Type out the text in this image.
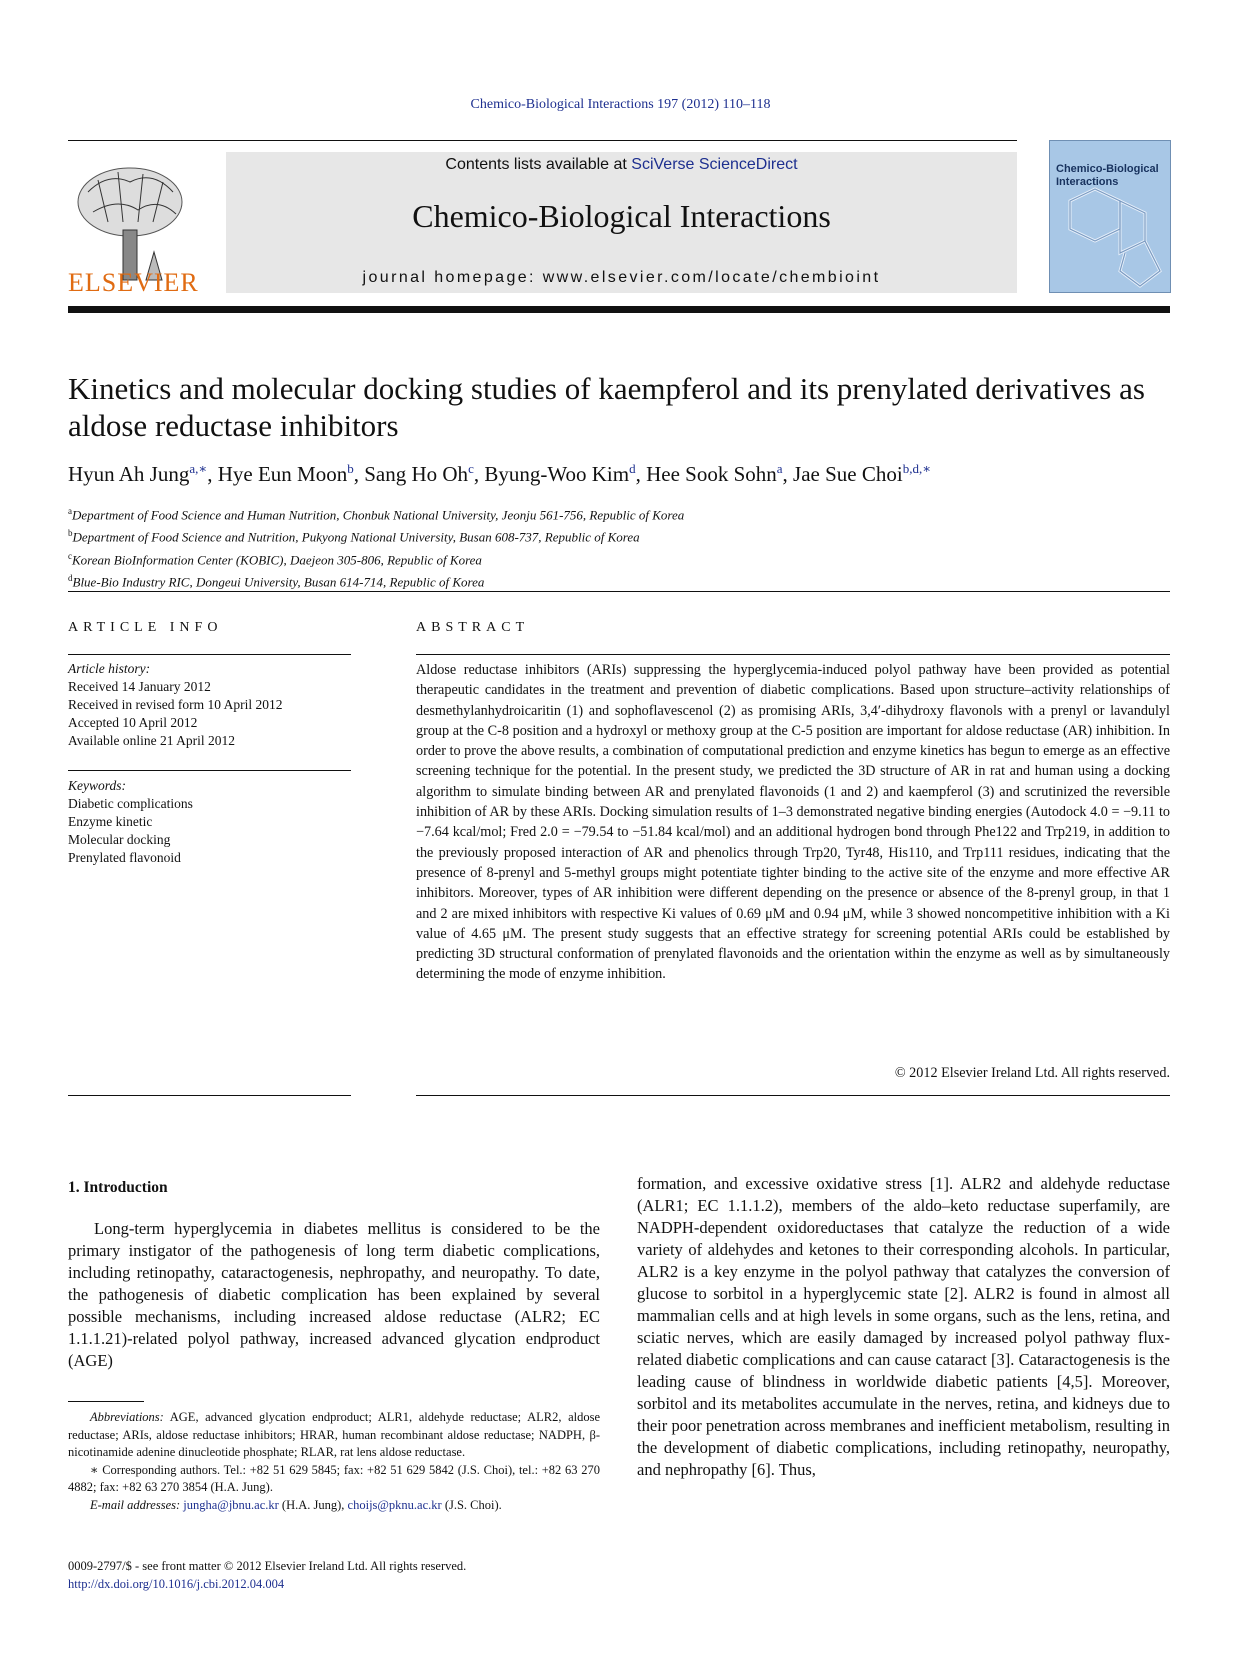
Chemico-Biological Interactions 197 (2012) 110–118
ELSEVIER
Contents lists available at SciVerse ScienceDirect
Chemico-Biological Interactions
journal homepage: www.elsevier.com/locate/chembioint
Chemico-Biological Interactions
Kinetics and molecular docking studies of kaempferol and its prenylated derivatives as aldose reductase inhibitors
Hyun Ah Jung$^{a,∗}$, Hye Eun Moon$^b$, Sang Ho Oh$^c$, Byung-Woo Kim$^d$, Hee Sook Sohn$^a$, Jae Sue Choi$^{b,d,∗}$
$^a$Department of Food Science and Human Nutrition, Chonbuk National University, Jeonju 561-756, Republic of Korea
$^b$Department of Food Science and Nutrition, Pukyong National University, Busan 608-737, Republic of Korea
$^c$Korean BioInformation Center (KOBIC), Daejeon 305-806, Republic of Korea
$^d$Blue-Bio Industry RIC, Dongeui University, Busan 614-714, Republic of Korea
ARTICLE INFO	ABSTRACT
Article history:
Received 14 January 2012
Received in revised form 10 April 2012
Accepted 10 April 2012
Available online 21 April 2012
Keywords:
Diabetic complications
Enzyme kinetic
Molecular docking
Prenylated flavonoid
Aldose reductase inhibitors (ARIs) suppressing the hyperglycemia-induced polyol pathway have been provided as potential therapeutic candidates in the treatment and prevention of diabetic complications. Based upon structure–activity relationships of desmethylanhydroicaritin (1) and sophoflavescenol (2) as promising ARIs, 3,4′-dihydroxy flavonols with a prenyl or lavandulyl group at the C-8 position and a hydroxyl or methoxy group at the C-5 position are important for aldose reductase (AR) inhibition. In order to prove the above results, a combination of computational prediction and enzyme kinetics has begun to emerge as an effective screening technique for the potential. In the present study, we predicted the 3D structure of AR in rat and human using a docking algorithm to simulate binding between AR and prenylated flavonoids (1 and 2) and kaempferol (3) and scrutinized the reversible inhibition of AR by these ARIs. Docking simulation results of 1–3 demonstrated negative binding energies (Autodock 4.0 = −9.11 to −7.64 kcal/mol; Fred 2.0 = −79.54 to −51.84 kcal/mol) and an additional hydrogen bond through Phe122 and Trp219, in addition to the previously proposed interaction of AR and phenolics through Trp20, Tyr48, His110, and Trp111 residues, indicating that the presence of 8-prenyl and 5-methyl groups might potentiate tighter binding to the active site of the enzyme and more effective AR inhibitors. Moreover, types of AR inhibition were different depending on the presence or absence of the 8-prenyl group, in that 1 and 2 are mixed inhibitors with respective Ki values of 0.69 μM and 0.94 μM, while 3 showed noncompetitive inhibition with a Ki value of 4.65 μM. The present study suggests that an effective strategy for screening potential ARIs could be established by predicting 3D structural conformation of prenylated flavonoids and the orientation within the enzyme as well as by simultaneously determining the mode of enzyme inhibition.
© 2012 Elsevier Ireland Ltd. All rights reserved.
1. Introduction
Long-term hyperglycemia in diabetes mellitus is considered to be the primary instigator of the pathogenesis of long term diabetic complications, including retinopathy, cataractogenesis, nephropathy, and neuropathy. To date, the pathogenesis of diabetic complication has been explained by several possible mechanisms, including increased aldose reductase (ALR2; EC 1.1.1.21)-related polyol pathway, increased advanced glycation endproduct (AGE)
formation, and excessive oxidative stress [1]. ALR2 and aldehyde reductase (ALR1; EC 1.1.1.2), members of the aldo–keto reductase superfamily, are NADPH-dependent oxidoreductases that catalyze the reduction of a wide variety of aldehydes and ketones to their corresponding alcohols. In particular, ALR2 is a key enzyme in the polyol pathway that catalyzes the conversion of glucose to sorbitol in a hyperglycemic state [2]. ALR2 is found in almost all mammalian cells and at high levels in some organs, such as the lens, retina, and sciatic nerves, which are easily damaged by increased polyol pathway flux-related diabetic complications and can cause cataract [3]. Cataractogenesis is the leading cause of blindness in worldwide diabetic patients [4,5]. Moreover, sorbitol and its metabolites accumulate in the nerves, retina, and kidneys due to their poor penetration across membranes and inefficient metabolism, resulting in the development of diabetic complications, including retinopathy, neuropathy, and nephropathy [6]. Thus,

Abbreviations: AGE, advanced glycation endproduct; ALR1, aldehyde reductase; ALR2, aldose reductase; ARIs, aldose reductase inhibitors; HRAR, human recombinant aldose reductase; NADPH, β-nicotinamide adenine dinucleotide phosphate; RLAR, rat lens aldose reductase.

∗ Corresponding authors. Tel.: +82 51 629 5845; fax: +82 51 629 5842 (J.S. Choi), tel.: +82 63 270 4882; fax: +82 63 270 3854 (H.A. Jung).

E-mail addresses: jungha@jbnu.ac.kr (H.A. Jung), choijs@pknu.ac.kr (J.S. Choi).

0009-2797/$ - see front matter © 2012 Elsevier Ireland Ltd. All rights reserved.
http://dx.doi.org/10.1016/j.cbi.2012.04.004
